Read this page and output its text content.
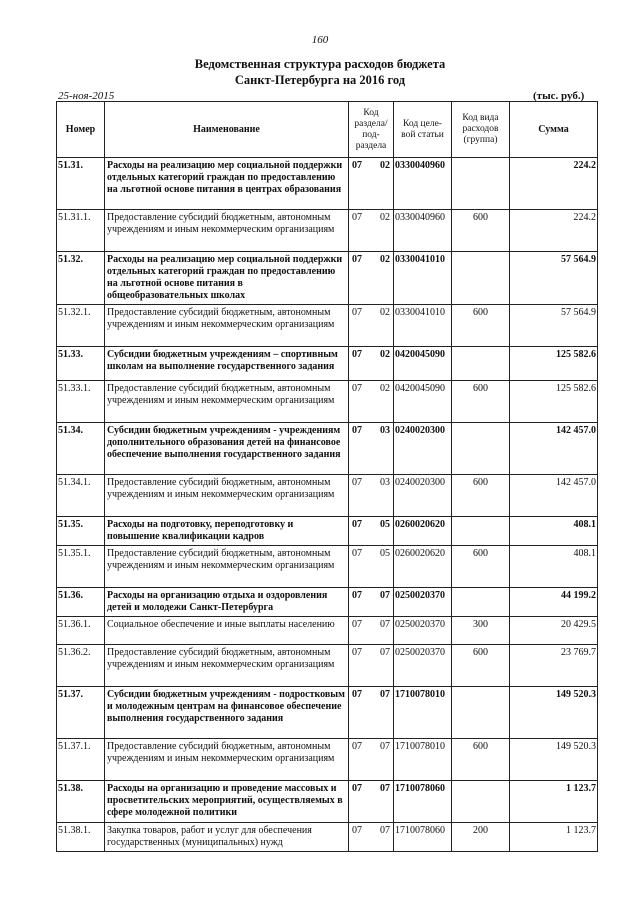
160
Ведомственная структура расходов бюджета
Санкт-Петербурга на 2016 год
25-ноя-2015	(тыс. руб.)
Номер	Наименование	Код раздела/ под- раздела	Код целе- вой статьи	Код вида расходов (группа)	Сумма
51.31.	Расходы на реализацию мер социальной поддержки отдельных категорий граждан по предоставлению на льготной основе питания в центрах образования	07 02	0330040960		224.2
51.31.1.	Предоставление субсидий бюджетным, автономным учреждениям и иным некоммерческим организациям	07 02	0330040960	600	224.2
51.32.	Расходы на реализацию мер социальной поддержки отдельных категорий граждан по предоставлению на льготной основе питания в общеобразовательных школах	07 02	0330041010		57 564.9
51.32.1.	Предоставление субсидий бюджетным, автономным учреждениям и иным некоммерческим организациям	07 02	0330041010	600	57 564.9
51.33.	Субсидии бюджетным учреждениям – спортивным школам на выполнение государственного задания	07 02	0420045090		125 582.6
51.33.1.	Предоставление субсидий бюджетным, автономным учреждениям и иным некоммерческим организациям	07 02	0420045090	600	125 582.6
51.34.	Субсидии бюджетным учреждениям - учреждениям дополнительного образования детей на финансовое обеспечение выполнения государственного задания	07 03	0240020300		142 457.0
51.34.1.	Предоставление субсидий бюджетным, автономным учреждениям и иным некоммерческим организациям	07 03	0240020300	600	142 457.0
51.35.	Расходы на подготовку, переподготовку и повышение квалификации кадров	07 05	0260020620		408.1
51.35.1.	Предоставление субсидий бюджетным, автономным учреждениям и иным некоммерческим организациям	07 05	0260020620	600	408.1
51.36.	Расходы на организацию отдыха и оздоровления детей и молодежи Санкт-Петербурга	07 07	0250020370		44 199.2
51.36.1.	Социальное обеспечение и иные выплаты населению	07 07	0250020370	300	20 429.5
51.36.2.	Предоставление субсидий бюджетным, автономным учреждениям и иным некоммерческим организациям	07 07	0250020370	600	23 769.7
51.37.	Субсидии бюджетным учреждениям - подростковым и молодежным центрам на финансовое обеспечение выполнения государственного задания	07 07	1710078010		149 520.3
51.37.1.	Предоставление субсидий бюджетным, автономным учреждениям и иным некоммерческим организациям	07 07	1710078010	600	149 520.3
51.38.	Расходы на организацию и проведение массовых и просветительских мероприятий, осуществляемых в сфере молодежной политики	07 07	1710078060		1 123.7
51.38.1.	Закупка товаров, работ и услуг для обеспечения государственных (муниципальных) нужд	07 07	1710078060	200	1 123.7
